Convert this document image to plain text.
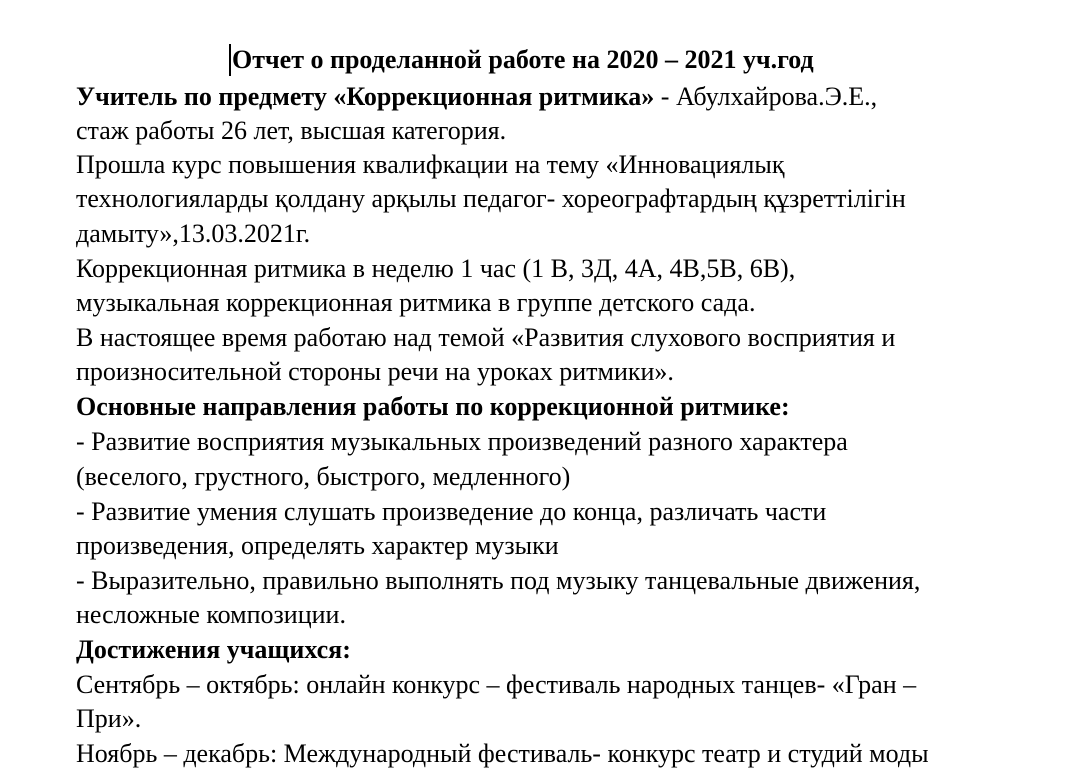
Отчет о проделанной работе на 2020 – 2021 уч.год
Учитель по предмету «Коррекционная ритмика» - Абулхайрова.Э.Е.,
стаж работы 26 лет, высшая категория.
Прошла курс повышения квалифкации на тему «Инновациялық
технологияларды қолдану арқылы педагог- хореографтардың құзреттілігін
дамыту»,13.03.2021г.
Коррекционная ритмика в неделю 1 час (1 В, 3Д, 4А, 4В,5В, 6В),
музыкальная коррекционная ритмика в группе детского сада.
В настоящее время работаю над темой «Развития слухового восприятия и
произносительной стороны речи на уроках ритмики».
Основные направления работы по коррекционной ритмике:
- Развитие восприятия музыкальных произведений разного характера
(веселого, грустного, быстрого, медленного)
- Развитие умения слушать произведение до конца, различать части
произведения, определять характер музыки
- Выразительно, правильно выполнять под музыку танцевальные движения,
несложные композиции.
Достижения учащихся:
Сентябрь – октябрь: онлайн конкурс – фестиваль народных танцев- «Гран –
При».
Ноябрь – декабрь: Международный фестиваль- конкурс театр и студий моды
